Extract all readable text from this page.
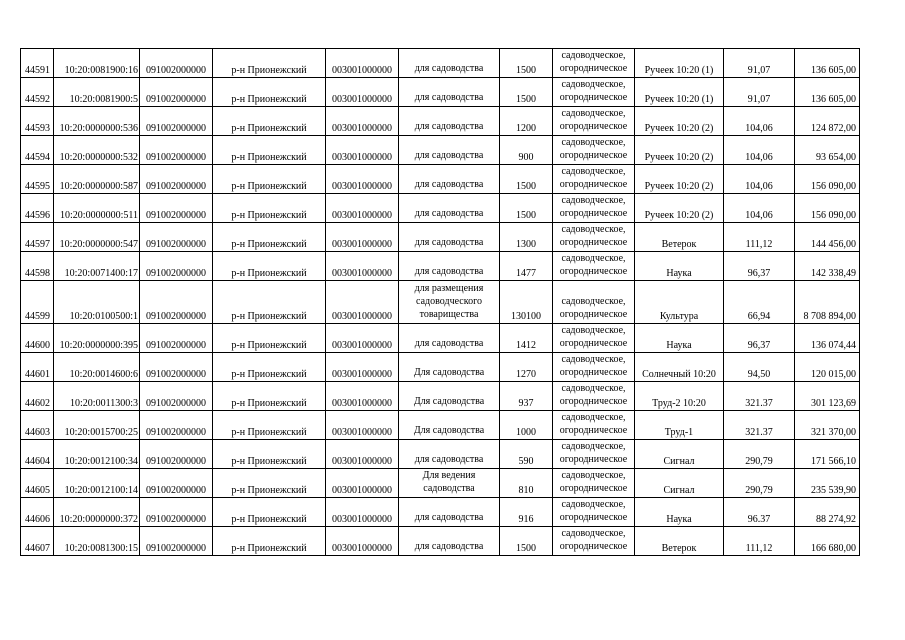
44591	10:20:0081900:16	091002000000	р-н Прионежский	003001000000	для садоводства	1500	садоводческое, огородническое	Ручеек 10:20 (1)	91,07	136 605,00
44592	10:20:0081900:5	091002000000	р-н Прионежский	003001000000	для садоводства	1500	садоводческое, огородническое	Ручеек 10:20 (1)	91,07	136 605,00
44593	10:20:0000000:536	091002000000	р-н Прионежский	003001000000	для садоводства	1200	садоводческое, огородническое	Ручеек 10:20 (2)	104,06	124 872,00
44594	10:20:0000000:532	091002000000	р-н Прионежский	003001000000	для садоводства	900	садоводческое, огородническое	Ручеек 10:20 (2)	104,06	93 654,00
44595	10:20:0000000:587	091002000000	р-н Прионежский	003001000000	для садоводства	1500	садоводческое, огородническое	Ручеек 10:20 (2)	104,06	156 090,00
44596	10:20:0000000:511	091002000000	р-н Прионежский	003001000000	для садоводства	1500	садоводческое, огородническое	Ручеек 10:20 (2)	104,06	156 090,00
44597	10:20:0000000:547	091002000000	р-н Прионежский	003001000000	для садоводства	1300	садоводческое, огородническое	Ветерок	111,12	144 456,00
44598	10:20:0071400:17	091002000000	р-н Прионежский	003001000000	для садоводства	1477	садоводческое, огородническое	Наука	96,37	142 338,49
44599	10:20:0100500:1	091002000000	р-н Прионежский	003001000000	для размещения садоводческого товарищества	130100	садоводческое, огородническое	Культура	66,94	8 708 894,00
44600	10:20:0000000:395	091002000000	р-н Прионежский	003001000000	для садоводства	1412	садоводческое, огородническое	Наука	96,37	136 074,44
44601	10:20:0014600:6	091002000000	р-н Прионежский	003001000000	Для садоводства	1270	садоводческое, огородническое	Солнечный 10:20	94,50	120 015,00
44602	10:20:0011300:3	091002000000	р-н Прионежский	003001000000	Для садоводства	937	садоводческое, огородническое	Труд-2 10:20	321.37	301 123,69
44603	10:20:0015700:25	091002000000	р-н Прионежский	003001000000	Для садоводства	1000	садоводческое, огородническое	Труд-1	321.37	321 370,00
44604	10:20:0012100:34	091002000000	р-н Прионежский	003001000000	для садоводства	590	садоводческое, огородническое	Сигнал	290,79	171 566,10
44605	10:20:0012100:14	091002000000	р-н Прионежский	003001000000	Для ведения садоводства	810	садоводческое, огородническое	Сигнал	290,79	235 539,90
44606	10:20:0000000:372	091002000000	р-н Прионежский	003001000000	для садоводства	916	садоводческое, огородническое	Наука	96.37	88 274,92
44607	10:20:0081300:15	091002000000	р-н Прионежский	003001000000	для садоводства	1500	садоводческое, огородническое	Ветерок	111,12	166 680,00
